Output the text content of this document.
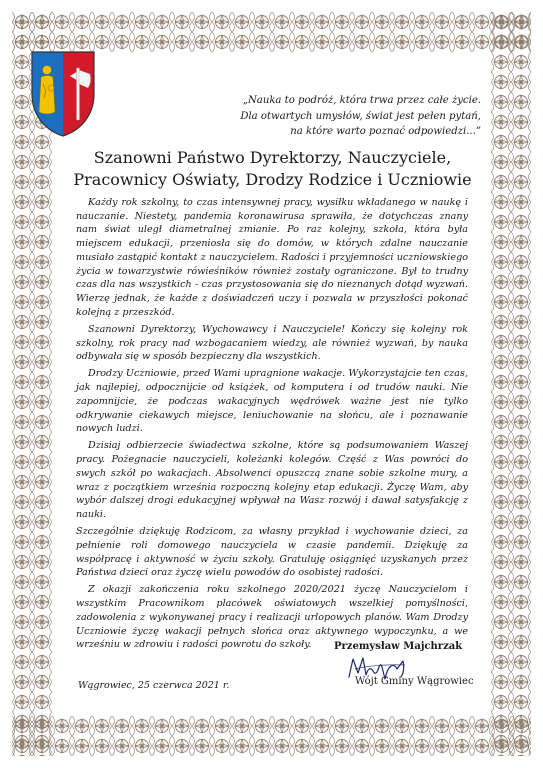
„Nauka to podróż, która trwa przez całe życie.
Dla otwartych umysłów, świat jest pełen pytań,
na które warto poznać odpowiedzi...”
Szanowni Państwo Dyrektorzy, Nauczyciele,
Pracownicy Oświaty, Drodzy Rodzice i Uczniowie

Każdy rok szkolny, to czas intensywnej pracy, wysiłku wkładanego w naukę i nauczanie. Niestety, pandemia koronawirusa sprawiła, że dotychczas znany nam świat uległ diametralnej zmianie. Po raz kolejny, szkoła, która była miejscem edukacji, przeniosła się do domów, w których zdalne nauczanie musiało zastąpić kontakt z nauczycielem. Radości i przyjemności uczniowskiego życia w towarzystwie rówieśników również zostały ograniczone. Był to trudny czas dla nas wszystkich - czas przystosowania się do nieznanych dotąd wyzwań. Wierzę jednak, że każde z doświadczeń uczy i pozwala w przyszłości pokonać kolejną z przeszkód.

Szanowni Dyrektorzy, Wychowawcy i Nauczyciele! Kończy się kolejny rok szkolny, rok pracy nad wzbogacaniem wiedzy, ale również wyzwań, by nauka odbywała się w sposób bezpieczny dla wszystkich.

Drodzy Uczniowie, przed Wami upragnione wakacje. Wykorzystajcie ten czas, jak najlepiej, odpocznijcie od książek, od komputera i od trudów nauki. Nie zapomnijcie, że podczas wakacyjnych wędrówek ważne jest nie tylko odkrywanie ciekawych miejsce, leniuchowanie na słońcu, ale i poznawanie nowych ludzi.

Dzisiaj odbierzecie świadectwa szkolne, które są podsumowaniem Waszej pracy. Pożegnacie nauczycieli, koleżanki kolegów. Część z Was powróci do swych szkół po wakacjach. Absolwenci opuszczą znane sobie szkolne mury, a wraz z początkiem września rozpoczną kolejny etap edukacji. Życzę Wam, aby wybór dalszej drogi edukacyjnej wpływał na Wasz rozwój i dawał satysfakcję z nauki.

Szczególnie dziękuję Rodzicom, za własny przykład i wychowanie dzieci, za pełnienie roli domowego nauczyciela w czasie pandemii. Dziękuję za współpracę i aktywność w życiu szkoły. Gratuluję osiągnięć uzyskanych przez Państwa dzieci oraz życzę wielu powodów do osobistej radości.

Z okazji zakończenia roku szkolnego 2020/2021 życzę Nauczycielom i wszystkim Pracownikom placówek oświatowych wszelkiej pomyślności, zadowolenia z wykonywanej pracy i realizacji urlopowych planów. Wam Drodzy Uczniowie życzę wakacji pełnych słońca oraz aktywnego wypoczynku, a we wrześniu w zdrowiu i radości powrotu do szkoły.	Przemysław Majchrzak
Wójt Gminy Wągrowiec
Wągrowiec, 25 czerwca 2021 r.
